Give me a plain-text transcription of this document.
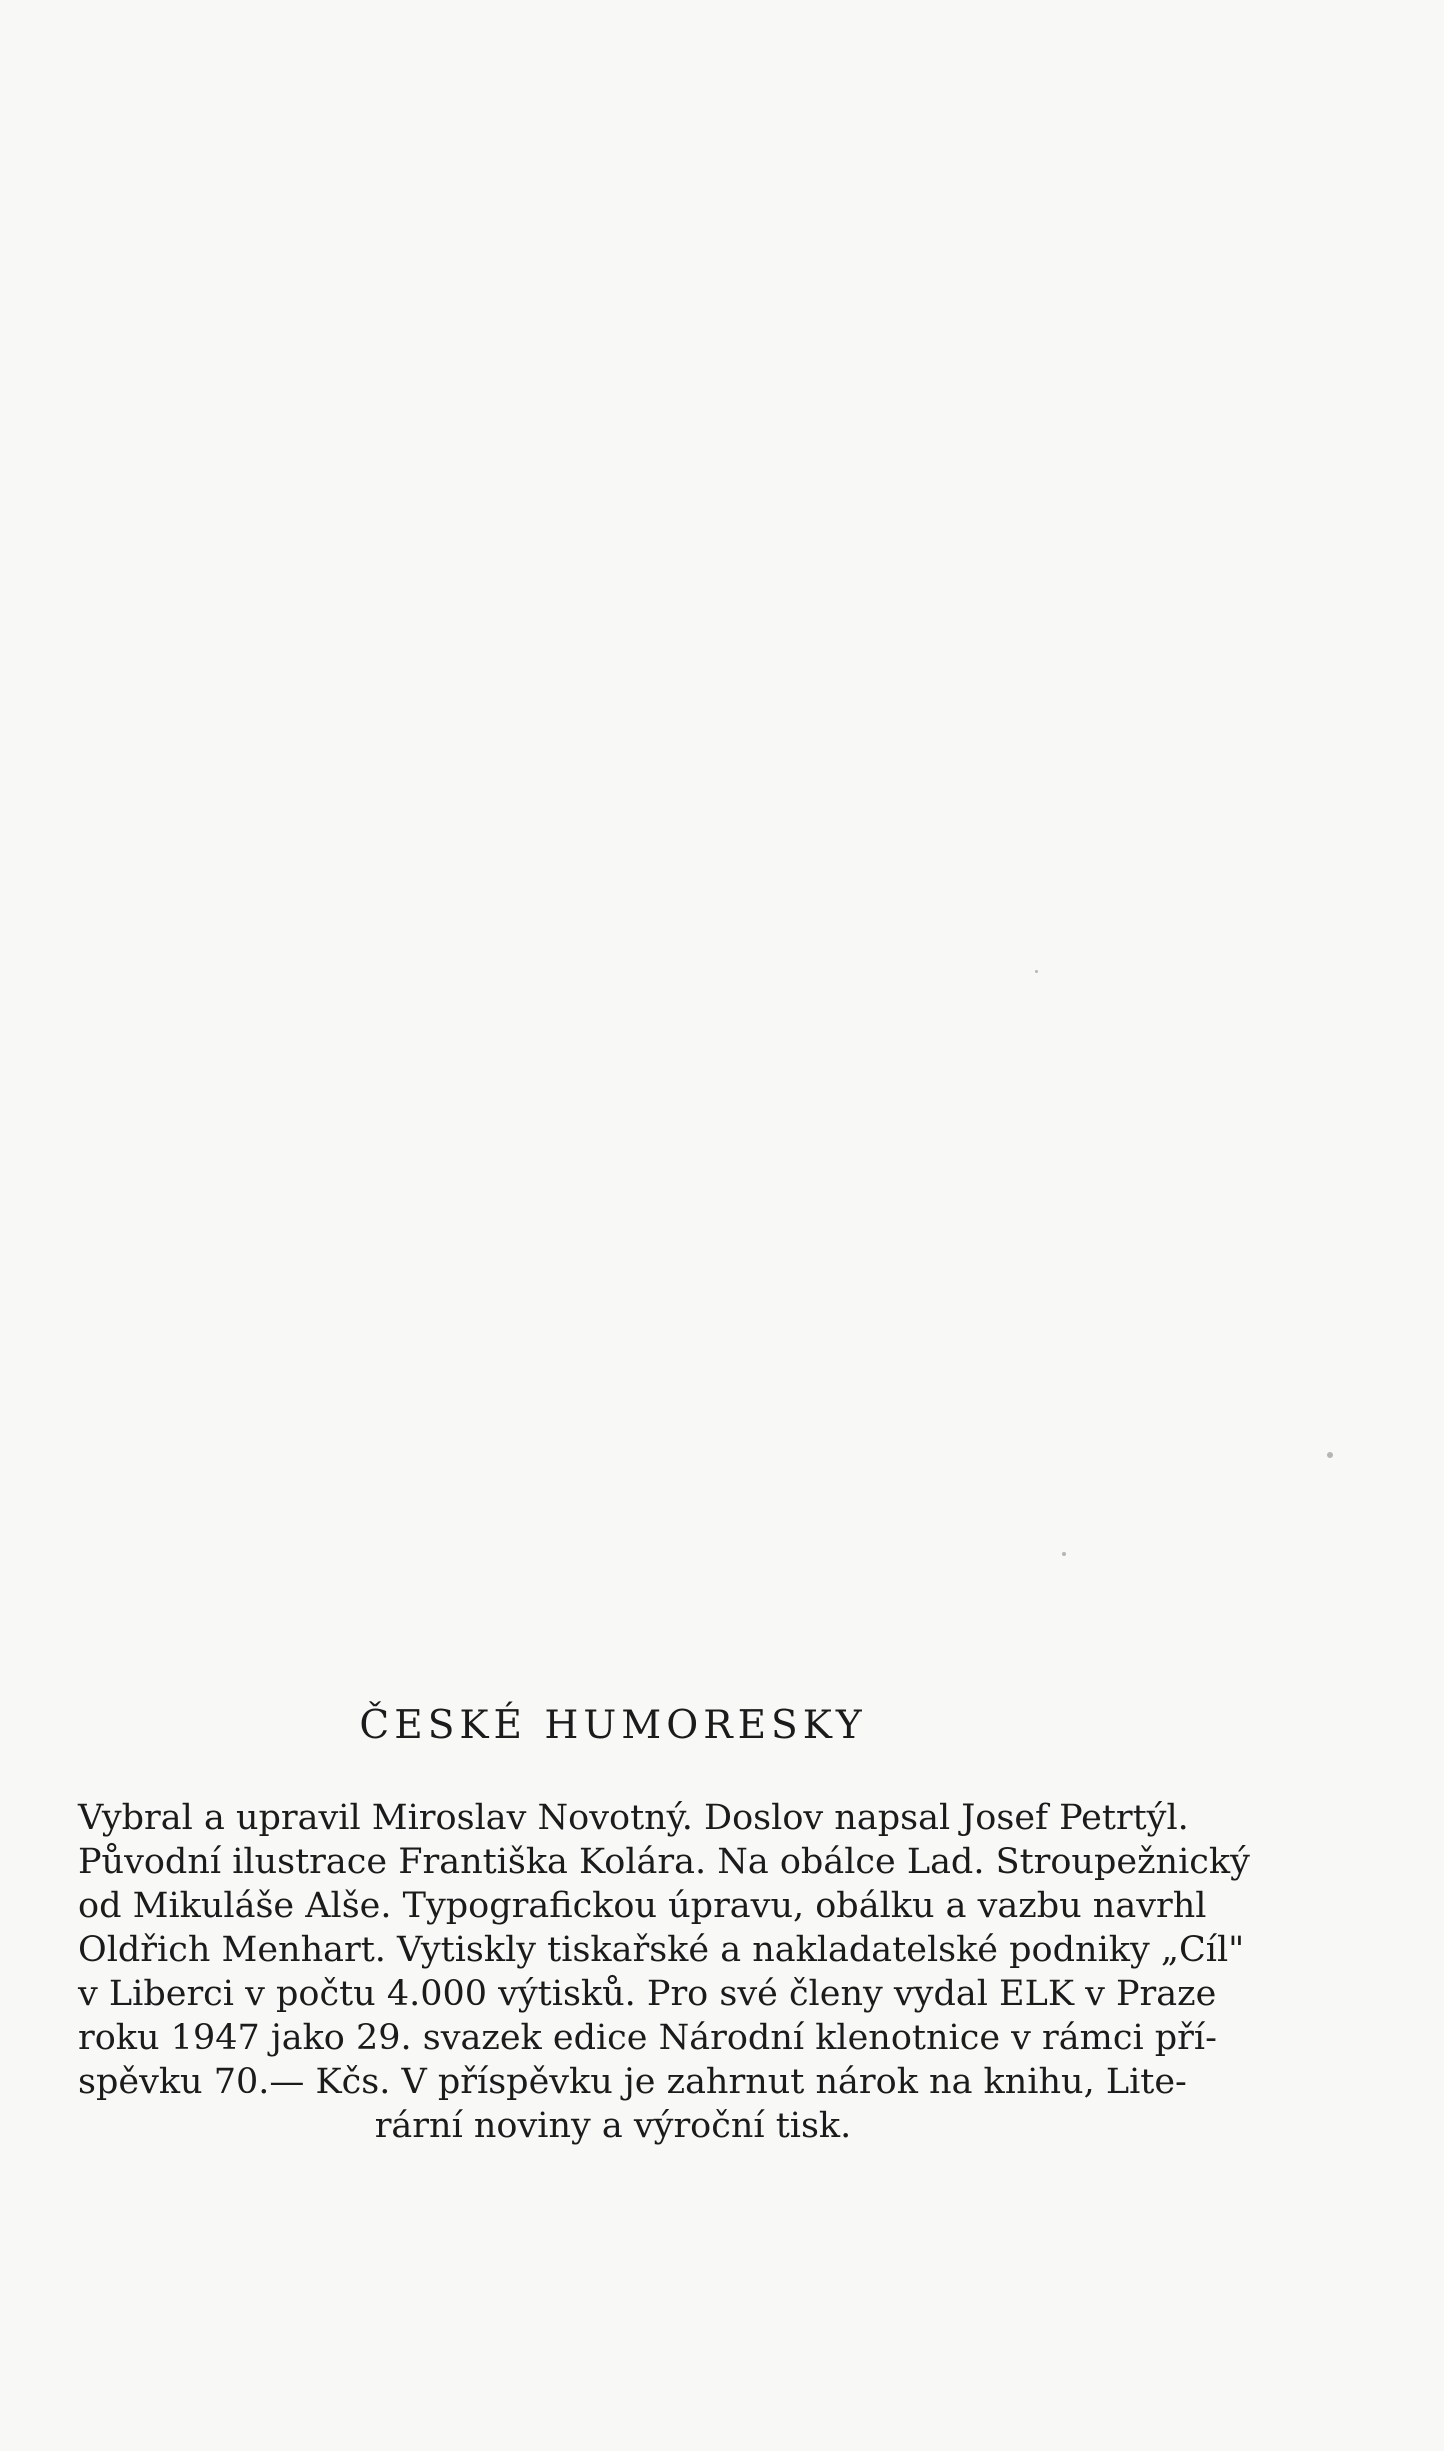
ČESKÉ HUMORESKY

Vybral a upravil Miroslav Novotný. Doslov napsal Josef Petrtýl.
Původní ilustrace Františka Kolára. Na obálce Lad. Stroupežnický
od Mikuláše Alše. Typografickou úpravu, obálku a vazbu navrhl
Oldřich Menhart. Vytiskly tiskařské a nakladatelské podniky „Cíl"
v Liberci v počtu 4.000 výtisků. Pro své členy vydal ELK v Praze
roku 1947 jako 29. svazek edice Národní klenotnice v rámci pří-
spěvku 70.— Kčs. V příspěvku je zahrnut nárok na knihu, Lite-
rární noviny a výroční tisk.
